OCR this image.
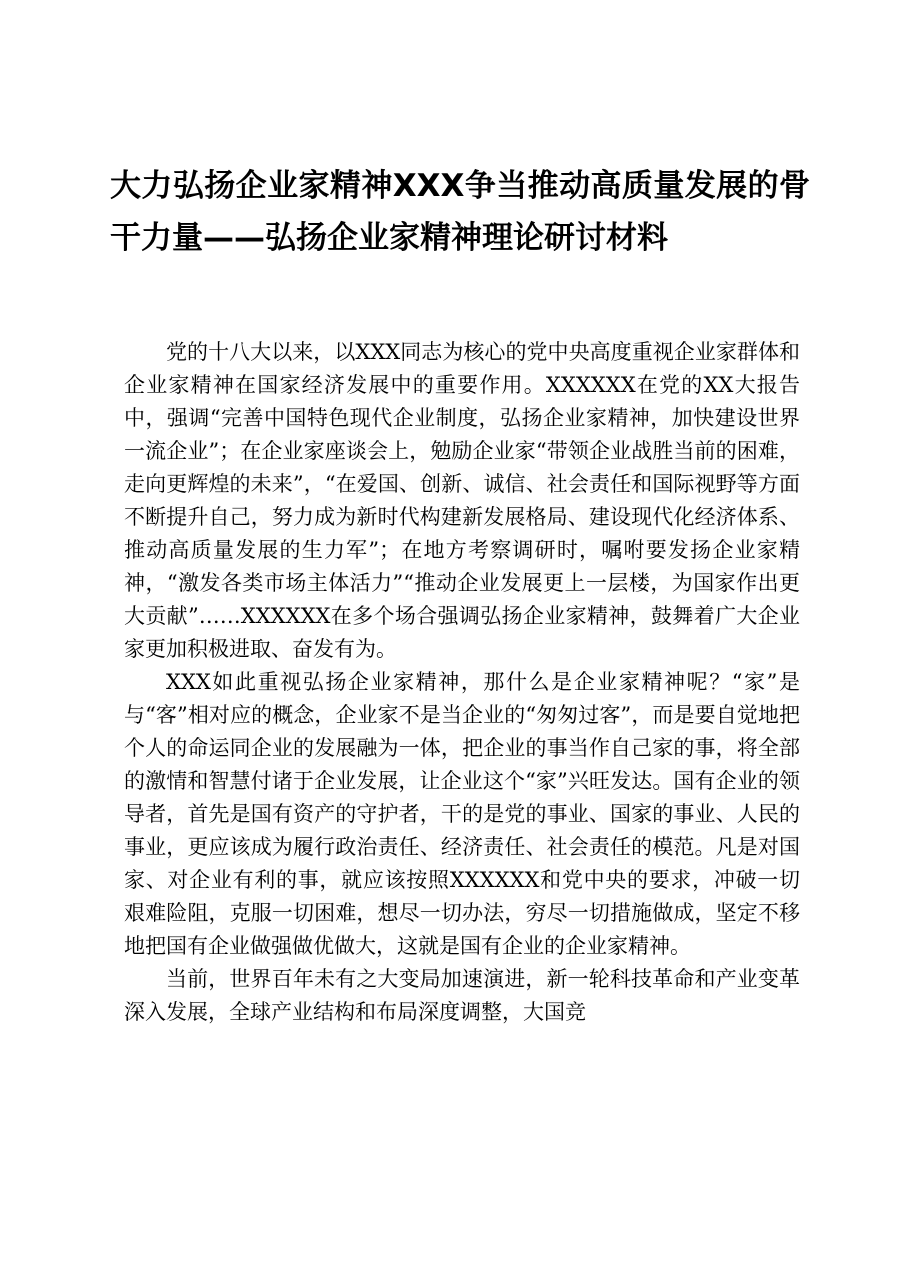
大力弘扬企业家精神XXX争当推动高质量发展的骨干力量——弘扬企业家精神理论研讨材料

党的十八大以来，以XXX同志为核心的党中央高度重视企业家群体和企业家精神在国家经济发展中的重要作用。XXXXXX在党的XX大报告中，强调“完善中国特色现代企业制度，弘扬企业家精神，加快建设世界一流企业”；在企业家座谈会上，勉励企业家“带领企业战胜当前的困难，走向更辉煌的未来”，“在爱国、创新、诚信、社会责任和国际视野等方面不断提升自己，努力成为新时代构建新发展格局、建设现代化经济体系、推动高质量发展的生力军”；在地方考察调研时，嘱咐要发扬企业家精神，“激发各类市场主体活力”“推动企业发展更上一层楼，为国家作出更大贡献”……XXXXXX在多个场合强调弘扬企业家精神，鼓舞着广大企业家更加积极进取、奋发有为。

XXX如此重视弘扬企业家精神，那什么是企业家精神呢？“家”是与“客”相对应的概念，企业家不是当企业的“匆匆过客”，而是要自觉地把个人的命运同企业的发展融为一体，把企业的事当作自己家的事，将全部的激情和智慧付诸于企业发展，让企业这个“家”兴旺发达。国有企业的领导者，首先是国有资产的守护者，干的是党的事业、国家的事业、人民的事业，更应该成为履行政治责任、经济责任、社会责任的模范。凡是对国家、对企业有利的事，就应该按照XXXXXX和党中央的要求，冲破一切艰难险阻，克服一切困难，想尽一切办法，穷尽一切措施做成，坚定不移地把国有企业做强做优做大，这就是国有企业的企业家精神。

当前，世界百年未有之大变局加速演进，新一轮科技革命和产业变革深入发展，全球产业结构和布局深度调整，大国竞
